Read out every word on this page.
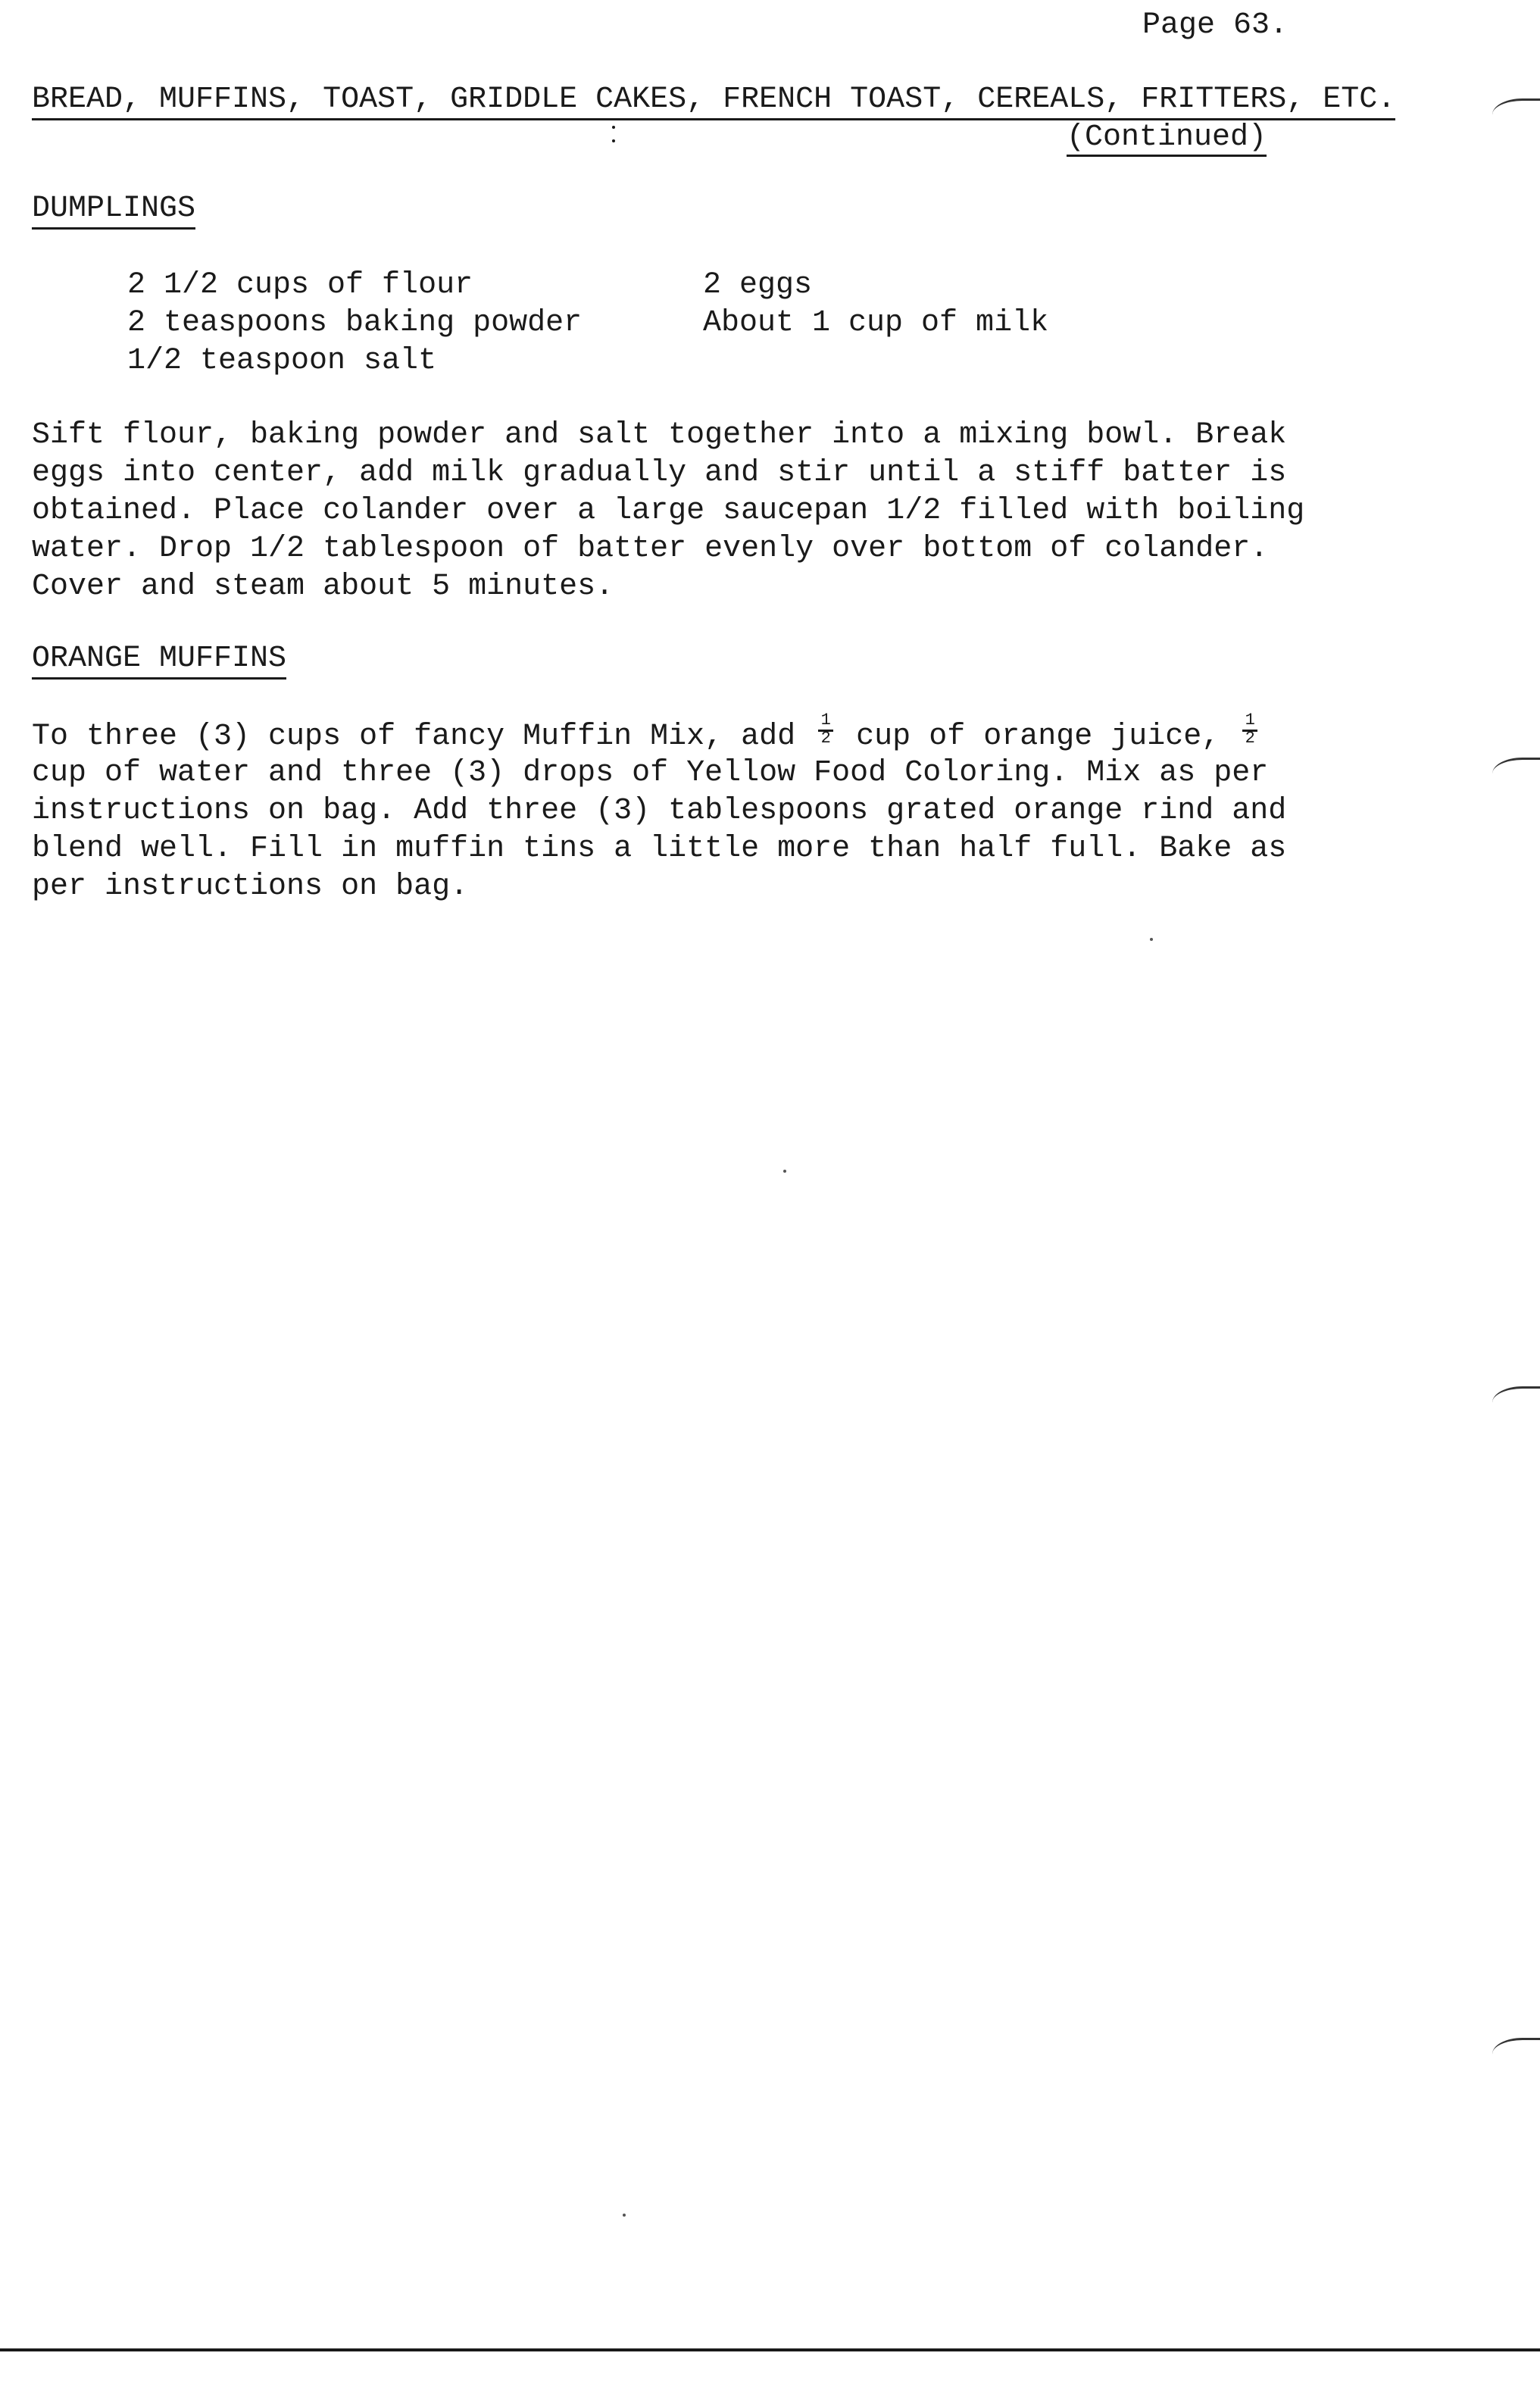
Page 63.
BREAD, MUFFINS, TOAST, GRIDDLE CAKES, FRENCH TOAST, CEREALS, FRITTERS, ETC.
(Continued)
DUMPLINGS
2 1/2 cups of flour
2 teaspoons baking powder
1/2 teaspoon salt
2 eggs
About 1 cup of milk
Sift flour, baking powder and salt together into a mixing bowl. Break
eggs into center, add milk gradually and stir until a stiff batter is
obtained. Place colander over a large saucepan 1/2 filled with boiling
water. Drop 1/2 tablespoon of batter evenly over bottom of colander.
Cover and steam about 5 minutes.
ORANGE MUFFINS
To three (3) cups of fancy Muffin Mix, add $\frac{1}{2}$ cup of orange juice, $\frac{1}{2}$
cup of water and three (3) drops of Yellow Food Coloring. Mix as per
instructions on bag. Add three (3) tablespoons grated orange rind and
blend well. Fill in muffin tins a little more than half full. Bake as
per instructions on bag.
